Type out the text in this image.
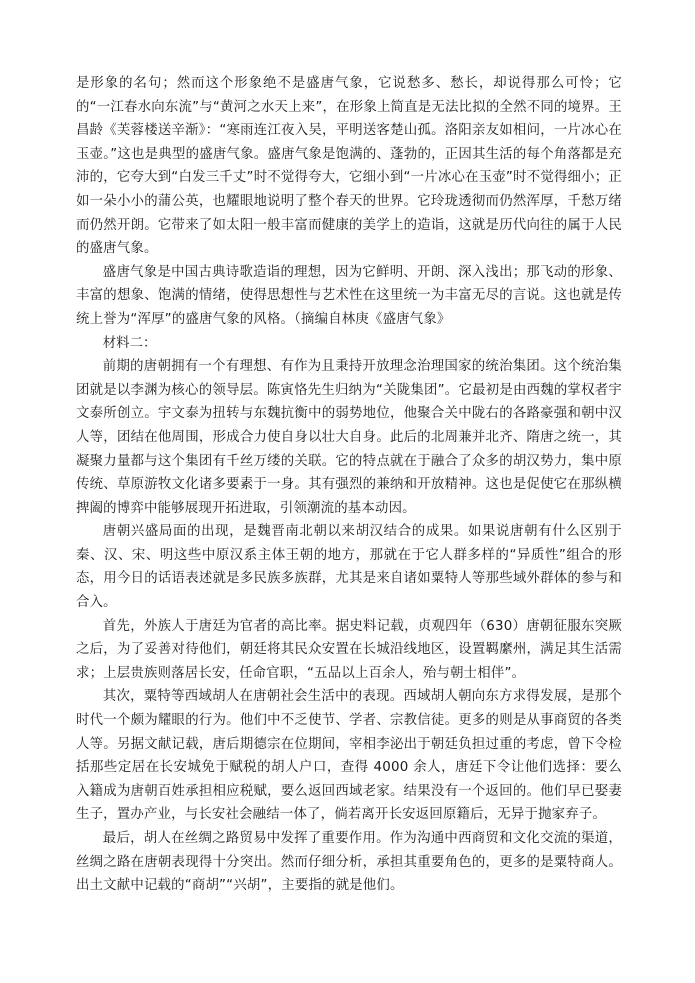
是形象的名句；然而这个形象绝不是盛唐气象，它说愁多、愁长，却说得那么可怜；它的“一江春水向东流”与“黄河之水天上来”，在形象上简直是无法比拟的全然不同的境界。王昌龄《芙蓉楼送辛渐》：“寒雨连江夜入吴，平明送客楚山孤。洛阳亲友如相问，一片冰心在玉壶。”这也是典型的盛唐气象。盛唐气象是饱满的、蓬勃的，正因其生活的每个角落都是充沛的，它夸大到“白发三千丈”时不觉得夸大，它细小到“一片冰心在玉壶”时不觉得细小；正如一朵小小的蒲公英，也耀眼地说明了整个春天的世界。它玲珑透彻而仍然浑厚，千愁万绪而仍然开朗。它带来了如太阳一般丰富而健康的美学上的造诣，这就是历代向往的属于人民的盛唐气象。

盛唐气象是中国古典诗歌造诣的理想，因为它鲜明、开朗、深入浅出；那飞动的形象、丰富的想象、饱满的情绪，使得思想性与艺术性在这里统一为丰富无尽的言说。这也就是传统上誉为“浑厚”的盛唐气象的风格。（摘编自林庚《盛唐气象》

材料二：

前期的唐朝拥有一个有理想、有作为且秉持开放理念治理国家的统治集团。这个统治集团就是以李渊为核心的领导层。陈寅恪先生归纳为“关陇集团”。它最初是由西魏的掌权者宇文泰所创立。宇文泰为扭转与东魏抗衡中的弱势地位，他聚合关中陇右的各路豪强和朝中汉人等，团结在他周围，形成合力使自身以壮大自身。此后的北周兼并北齐、隋唐之统一，其凝聚力量都与这个集团有千丝万缕的关联。它的特点就在于融合了众多的胡汉势力，集中原传统、草原游牧文化诸多要素于一身。其有强烈的兼纳和开放精神。这也是促使它在那纵横捭阖的博弈中能够展现开拓进取，引领潮流的基本动因。

唐朝兴盛局面的出现，是魏晋南北朝以来胡汉结合的成果。如果说唐朝有什么区别于秦、汉、宋、明这些中原汉系主体王朝的地方，那就在于它人群多样的“异质性”组合的形态，用今日的话语表述就是多民族多族群，尤其是来自诸如粟特人等那些域外群体的参与和合入。

首先，外族人于唐廷为官者的高比率。据史料记载，贞观四年（630）唐朝征服东突厥之后，为了妥善对待他们，朝廷将其民众安置在长城沿线地区，设置羁縻州，满足其生活需求；上层贵族则落居长安，任命官职，“五品以上百余人，殆与朝士相伴”。

其次，粟特等西域胡人在唐朝社会生活中的表现。西域胡人朝向东方求得发展，是那个时代一个颇为耀眼的行为。他们中不乏使节、学者、宗教信徒。更多的则是从事商贸的各类人等。另据文献记载，唐后期德宗在位期间，宰相李泌出于朝廷负担过重的考虑，曾下令检括那些定居在长安城免于赋税的胡人户口，查得 4000 余人，唐廷下令让他们选择：要么入籍成为唐朝百姓承担相应税赋，要么返回西域老家。结果没有一个返回的。他们早已娶妻生子，置办产业，与长安社会融结一体了，倘若离开长安返回原籍后，无异于抛家弃子。

最后，胡人在丝绸之路贸易中发挥了重要作用。作为沟通中西商贸和文化交流的渠道，丝绸之路在唐朝表现得十分突出。然而仔细分析，承担其重要角色的，更多的是粟特商人。出土文献中记载的“商胡”“兴胡”，主要指的就是他们。
